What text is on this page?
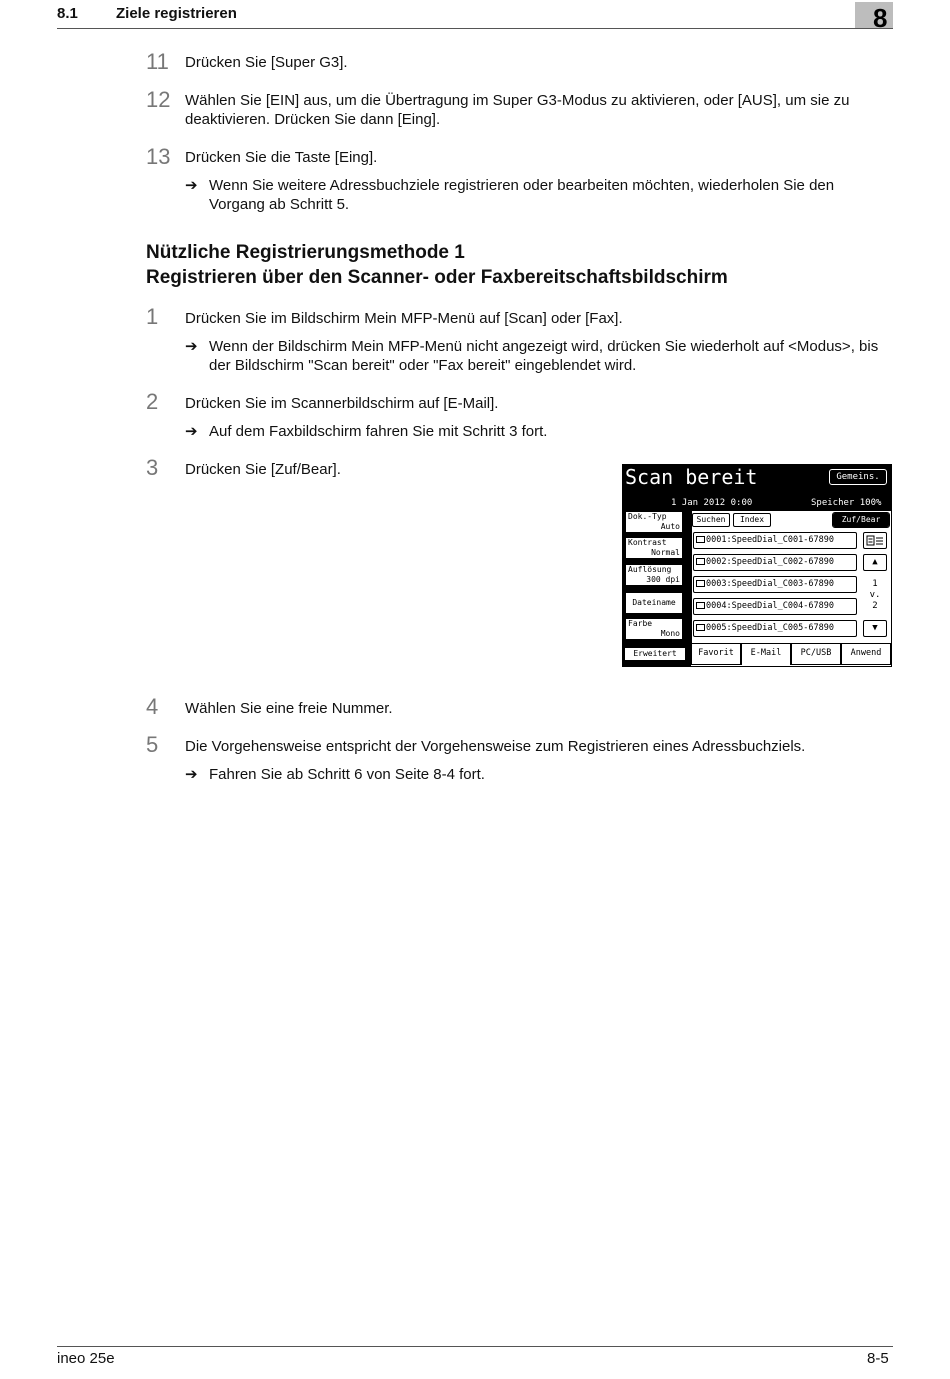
8.1	Ziele registrieren	8
11 Drücken Sie [Super G3].
12 Wählen Sie [EIN] aus, um die Übertragung im Super G3-Modus zu aktivieren, oder [AUS], um sie zu deaktivieren. Drücken Sie dann [Eing].
13 Drücken Sie die Taste [Eing].
➔ Wenn Sie weitere Adressbuchziele registrieren oder bearbeiten möchten, wiederholen Sie den Vorgang ab Schritt 5.
Nützliche Registrierungsmethode 1
Registrieren über den Scanner- oder Faxbereitschaftsbildschirm
1 Drücken Sie im Bildschirm Mein MFP-Menü auf [Scan] oder [Fax].
➔ Wenn der Bildschirm Mein MFP-Menü nicht angezeigt wird, drücken Sie wiederholt auf <Modus>, bis der Bildschirm "Scan bereit" oder "Fax bereit" eingeblendet wird.
2 Drücken Sie im Scannerbildschirm auf [E-Mail].
➔ Auf dem Faxbildschirm fahren Sie mit Schritt 3 fort.
3 Drücken Sie [Zuf/Bear].	Scan bereit	Gemeins.
1 Jan 2012 0:00	Speicher 100%
Dok.-Typ
Auto
Kontrast
Normal
Auflösung
300 dpi
Dateiname
Farbe
Mono
Erweitert
Suchen	Index	Zuf/Bear
0001:SpeedDial_C001-67890
0002:SpeedDial_C002-67890
0003:SpeedDial_C003-67890
0004:SpeedDial_C004-67890
0005:SpeedDial_C005-67890
▲
1
v.
2
▼
Favorit	E-Mail	PC/USB	Anwend
4 Wählen Sie eine freie Nummer.
5 Die Vorgehensweise entspricht der Vorgehensweise zum Registrieren eines Adressbuchziels.
➔ Fahren Sie ab Schritt 6 von Seite 8-4 fort.
ineo 25e	8-5
